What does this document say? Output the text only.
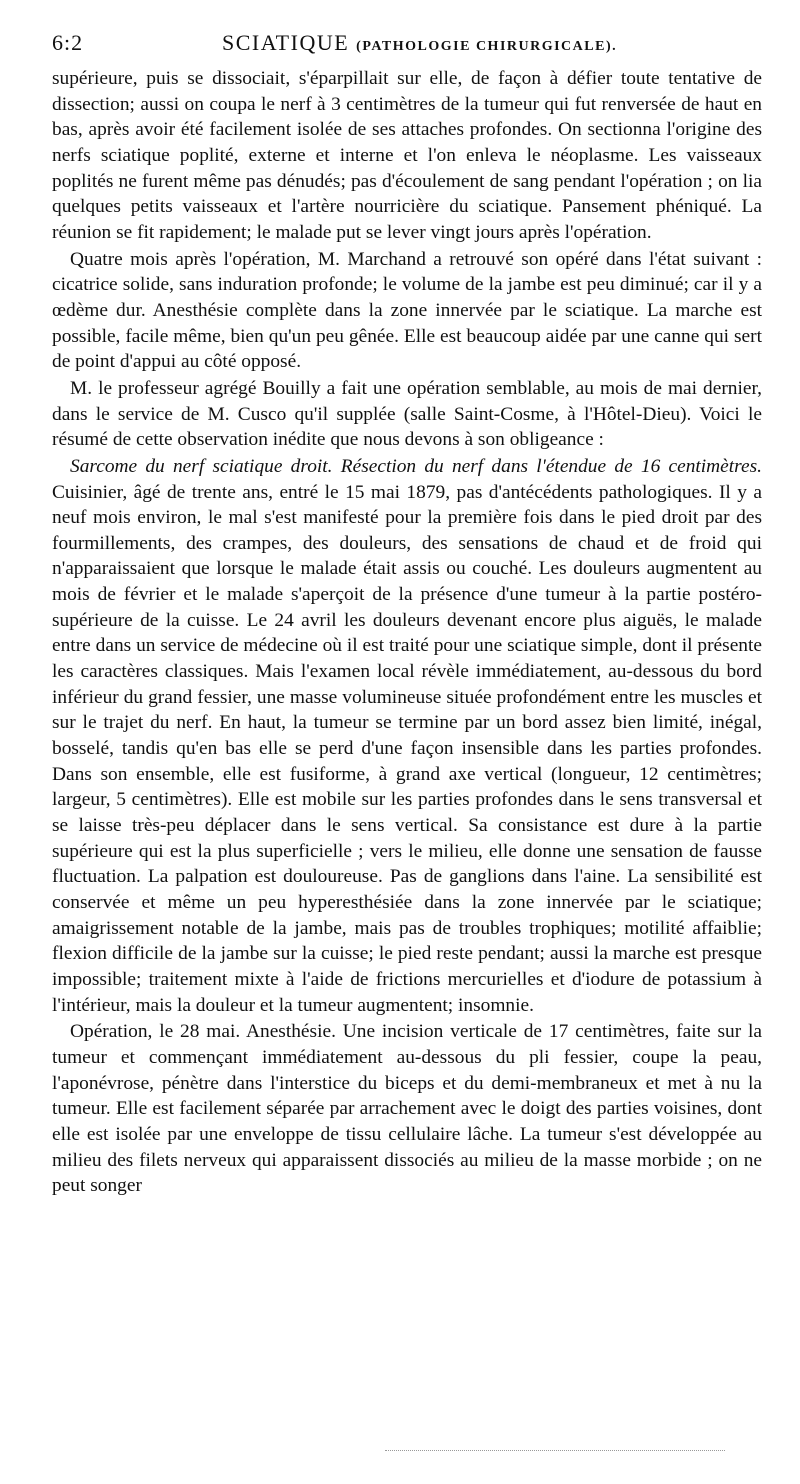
6:2	SCIATIQUE (PATHOLOGIE CHIRURGICALE).

supérieure, puis se dissociait, s'éparpillait sur elle, de façon à défier toute tentative de dissection; aussi on coupa le nerf à 3 centimètres de la tumeur qui fut renversée de haut en bas, après avoir été facilement isolée de ses attaches profondes. On sectionna l'origine des nerfs sciatique poplité, externe et interne et l'on enleva le néoplasme. Les vaisseaux poplités ne furent même pas dénudés; pas d'écoulement de sang pendant l'opération ; on lia quelques petits vaisseaux et l'artère nourricière du sciatique. Pansement phéniqué. La réunion se fit rapidement; le malade put se lever vingt jours après l'opération.

Quatre mois après l'opération, M. Marchand a retrouvé son opéré dans l'état suivant : cicatrice solide, sans induration profonde; le volume de la jambe est peu diminué; car il y a œdème dur. Anesthésie complète dans la zone innervée par le sciatique. La marche est possible, facile même, bien qu'un peu gênée. Elle est beaucoup aidée par une canne qui sert de point d'appui au côté opposé.

M. le professeur agrégé Bouilly a fait une opération semblable, au mois de mai dernier, dans le service de M. Cusco qu'il supplée (salle Saint-Cosme, à l'Hôtel-Dieu). Voici le résumé de cette observation inédite que nous devons à son obligeance :

Sarcome du nerf sciatique droit. Résection du nerf dans l'étendue de 16 centimètres. Cuisinier, âgé de trente ans, entré le 15 mai 1879, pas d'antécédents pathologiques. Il y a neuf mois environ, le mal s'est manifesté pour la première fois dans le pied droit par des fourmillements, des crampes, des douleurs, des sensations de chaud et de froid qui n'apparaissaient que lorsque le malade était assis ou couché. Les douleurs augmentent au mois de février et le malade s'aperçoit de la présence d'une tumeur à la partie postéro-supérieure de la cuisse. Le 24 avril les douleurs devenant encore plus aiguës, le malade entre dans un service de médecine où il est traité pour une sciatique simple, dont il présente les caractères classiques. Mais l'examen local révèle immédiatement, au-dessous du bord inférieur du grand fessier, une masse volumineuse située profondément entre les muscles et sur le trajet du nerf. En haut, la tumeur se termine par un bord assez bien limité, inégal, bosselé, tandis qu'en bas elle se perd d'une façon insensible dans les parties profondes. Dans son ensemble, elle est fusiforme, à grand axe vertical (longueur, 12 centimètres; largeur, 5 centimètres). Elle est mobile sur les parties profondes dans le sens transversal et se laisse très-peu déplacer dans le sens vertical. Sa consistance est dure à la partie supérieure qui est la plus superficielle ; vers le milieu, elle donne une sensation de fausse fluctuation. La palpation est douloureuse. Pas de ganglions dans l'aine. La sensibilité est conservée et même un peu hyperesthésiée dans la zone innervée par le sciatique; amaigrissement notable de la jambe, mais pas de troubles trophiques; motilité affaiblie; flexion difficile de la jambe sur la cuisse; le pied reste pendant; aussi la marche est presque impossible; traitement mixte à l'aide de frictions mercurielles et d'iodure de potassium à l'intérieur, mais la douleur et la tumeur augmentent; insomnie.

Opération, le 28 mai. Anesthésie. Une incision verticale de 17 centimètres, faite sur la tumeur et commençant immédiatement au-dessous du pli fessier, coupe la peau, l'aponévrose, pénètre dans l'interstice du biceps et du demi-membraneux et met à nu la tumeur. Elle est facilement séparée par arrachement avec le doigt des parties voisines, dont elle est isolée par une enveloppe de tissu cellulaire lâche. La tumeur s'est développée au milieu des filets nerveux qui apparaissent dissociés au milieu de la masse morbide ; on ne peut songer
